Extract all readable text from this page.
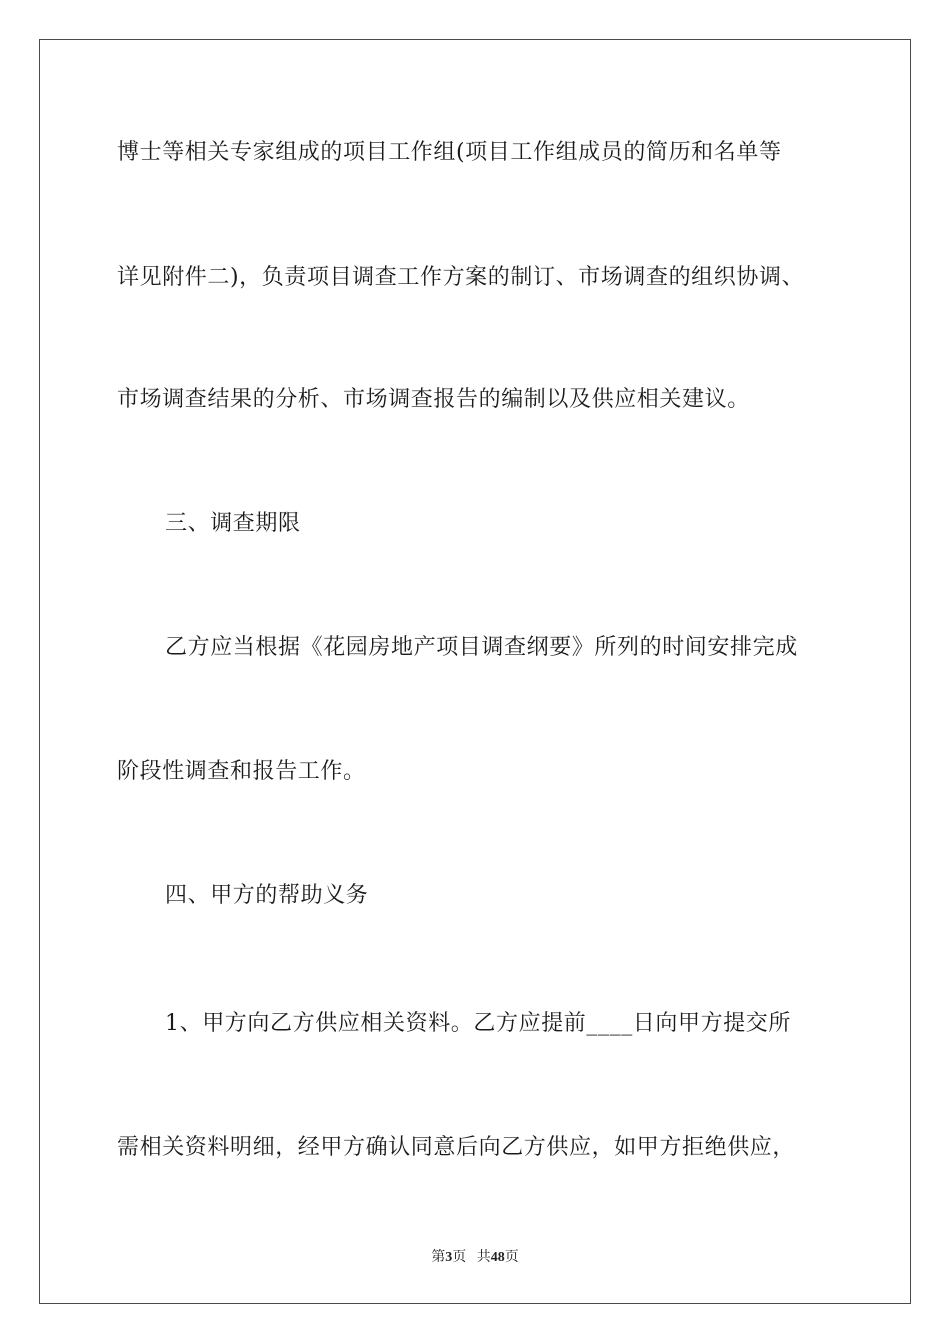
博士等相关专家组成的项目工作组(项目工作组成员的简历和名单等
详见附件二)，负责项目调查工作方案的制订、市场调查的组织协调、
市场调查结果的分析、市场调查报告的编制以及供应相关建议。
三、调查期限
乙方应当根据《花园房地产项目调查纲要》所列的时间安排完成
阶段性调查和报告工作。
四、甲方的帮助义务
1、甲方向乙方供应相关资料。乙方应提前____日向甲方提交所
需相关资料明细，经甲方确认同意后向乙方供应，如甲方拒绝供应，
第3页 共48页
